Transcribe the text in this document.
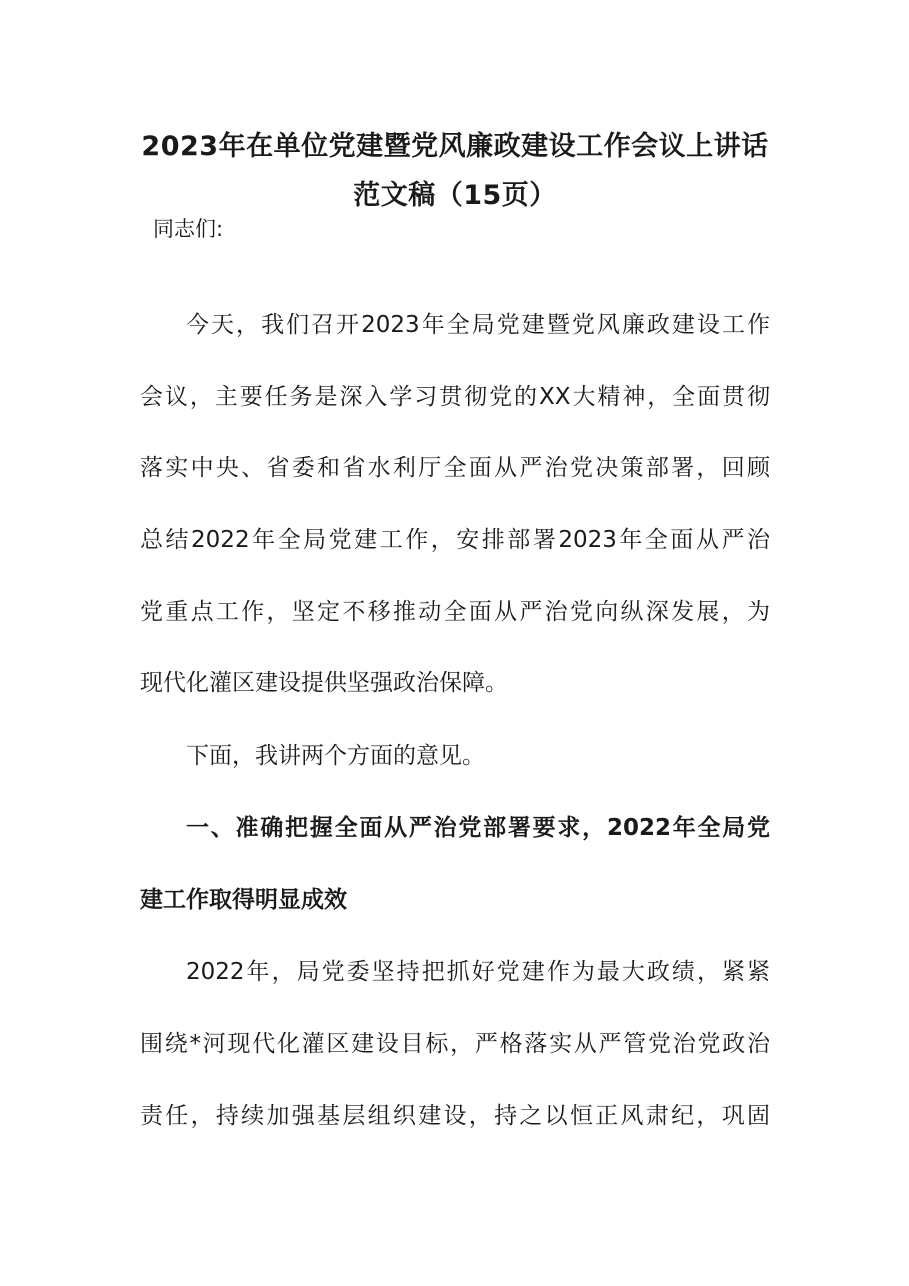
2023年在单位党建暨党风廉政建设工作会议上讲话
范文稿（15页）

同志们:

今天，我们召开2023年全局党建暨党风廉政建设工作

会议，主要任务是深入学习贯彻党的XX大精神，全面贯彻

落实中央、省委和省水利厅全面从严治党决策部署，回顾

总结2022年全局党建工作，安排部署2023年全面从严治

党重点工作，坚定不移推动全面从严治党向纵深发展，为

现代化灌区建设提供坚强政治保障。

下面，我讲两个方面的意见。

一、准确把握全面从严治党部署要求，2022年全局党

建工作取得明显成效

2022年，局党委坚持把抓好党建作为最大政绩，紧紧

围绕*河现代化灌区建设目标，严格落实从严管党治党政治

责任，持续加强基层组织建设，持之以恒正风肃纪，巩固
